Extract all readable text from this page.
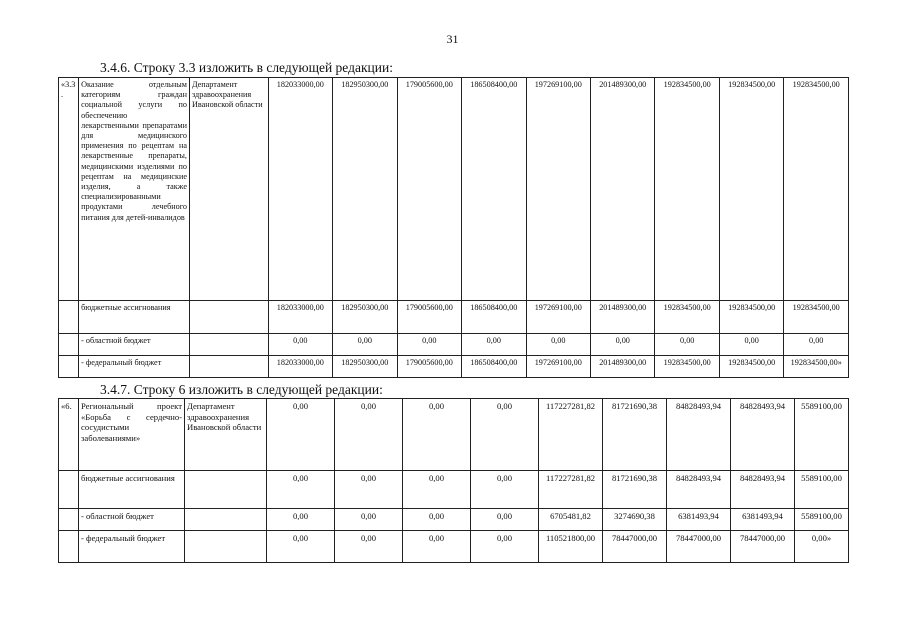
31
3.4.6. Строку 3.3 изложить в следующей редакции:
«3.3.	Оказание отдельным категориям граждан социальной услуги по обеспечению лекарственными препаратами для медицинского применения по рецептам на лекарственные препараты, медицинскими изделиями по рецептам на медицинские изделия, а также специализированными продуктами лечебного питания для детей-инвалидов	Департамент здравоохранения Ивановской области	182033000,00	182950300,00	179005600,00	186508400,00	197269100,00	201489300,00	192834500,00	192834500,00	192834500,00
	бюджетные ассигнования		182033000,00	182950300,00	179005600,00	186508400,00	197269100,00	201489300,00	192834500,00	192834500,00	192834500,00
	- областной бюджет		0,00	0,00	0,00	0,00	0,00	0,00	0,00	0,00	0,00
	- федеральный бюджет		182033000,00	182950300,00	179005600,00	186508400,00	197269100,00	201489300,00	192834500,00	192834500,00	192834500,00»
3.4.7. Строку 6 изложить в следующей редакции:
«6.	Региональный проект «Борьба с сердечно-сосудистыми заболеваниями»	Департамент здравоохранения Ивановской области	0,00	0,00	0,00	0,00	117227281,82	81721690,38	84828493,94	84828493,94	5589100,00
	бюджетные ассигнования		0,00	0,00	0,00	0,00	117227281,82	81721690,38	84828493,94	84828493,94	5589100,00
	- областной бюджет		0,00	0,00	0,00	0,00	6705481,82	3274690,38	6381493,94	6381493,94	5589100,00
	- федеральный бюджет		0,00	0,00	0,00	0,00	110521800,00	78447000,00	78447000,00	78447000,00	0,00»
